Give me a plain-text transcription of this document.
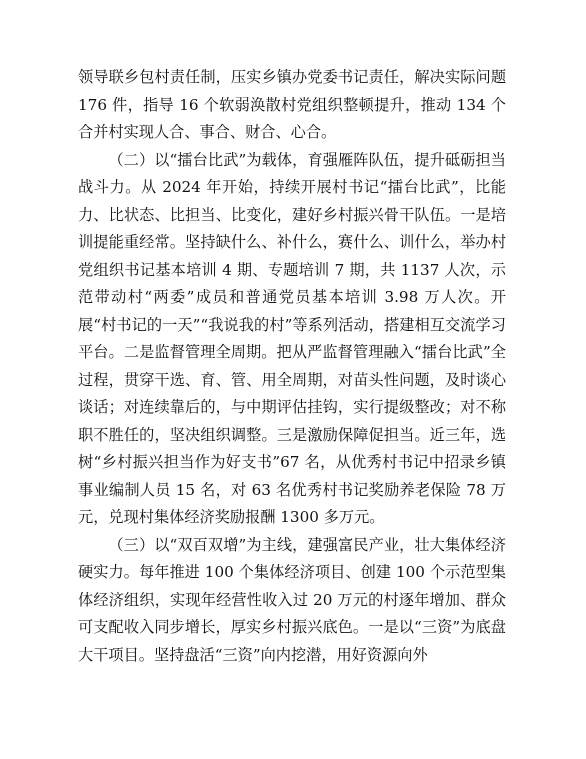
领导联乡包村责任制，压实乡镇办党委书记责任，解决实际问题 176 件，指导 16 个软弱涣散村党组织整顿提升，推动 134 个合并村实现人合、事合、财合、心合。

（二）以“擂台比武”为载体，育强雁阵队伍，提升砥砺担当战斗力。从 2024 年开始，持续开展村书记“擂台比武”，比能力、比状态、比担当、比变化，建好乡村振兴骨干队伍。一是培训提能重经常。坚持缺什么、补什么，赛什么、训什么，举办村党组织书记基本培训 4 期、专题培训 7 期，共 1137 人次，示范带动村“两委”成员和普通党员基本培训 3.98 万人次。开展“村书记的一天”“我说我的村”等系列活动，搭建相互交流学习平台。二是监督管理全周期。把从严监督管理融入“擂台比武”全过程，贯穿干选、育、管、用全周期，对苗头性问题，及时谈心谈话；对连续靠后的，与中期评估挂钩，实行提级整改；对不称职不胜任的，坚决组织调整。三是激励保障促担当。近三年，选树“乡村振兴担当作为好支书”67 名，从优秀村书记中招录乡镇事业编制人员 15 名，对 63 名优秀村书记奖励养老保险 78 万元，兑现村集体经济奖励报酬 1300 多万元。

（三）以“双百双增”为主线，建强富民产业，壮大集体经济硬实力。每年推进 100 个集体经济项目、创建 100 个示范型集体经济组织，实现年经营性收入过 20 万元的村逐年增加、群众可支配收入同步增长，厚实乡村振兴底色。一是以“三资”为底盘大干项目。坚持盘活“三资”向内挖潜，用好资源向外
